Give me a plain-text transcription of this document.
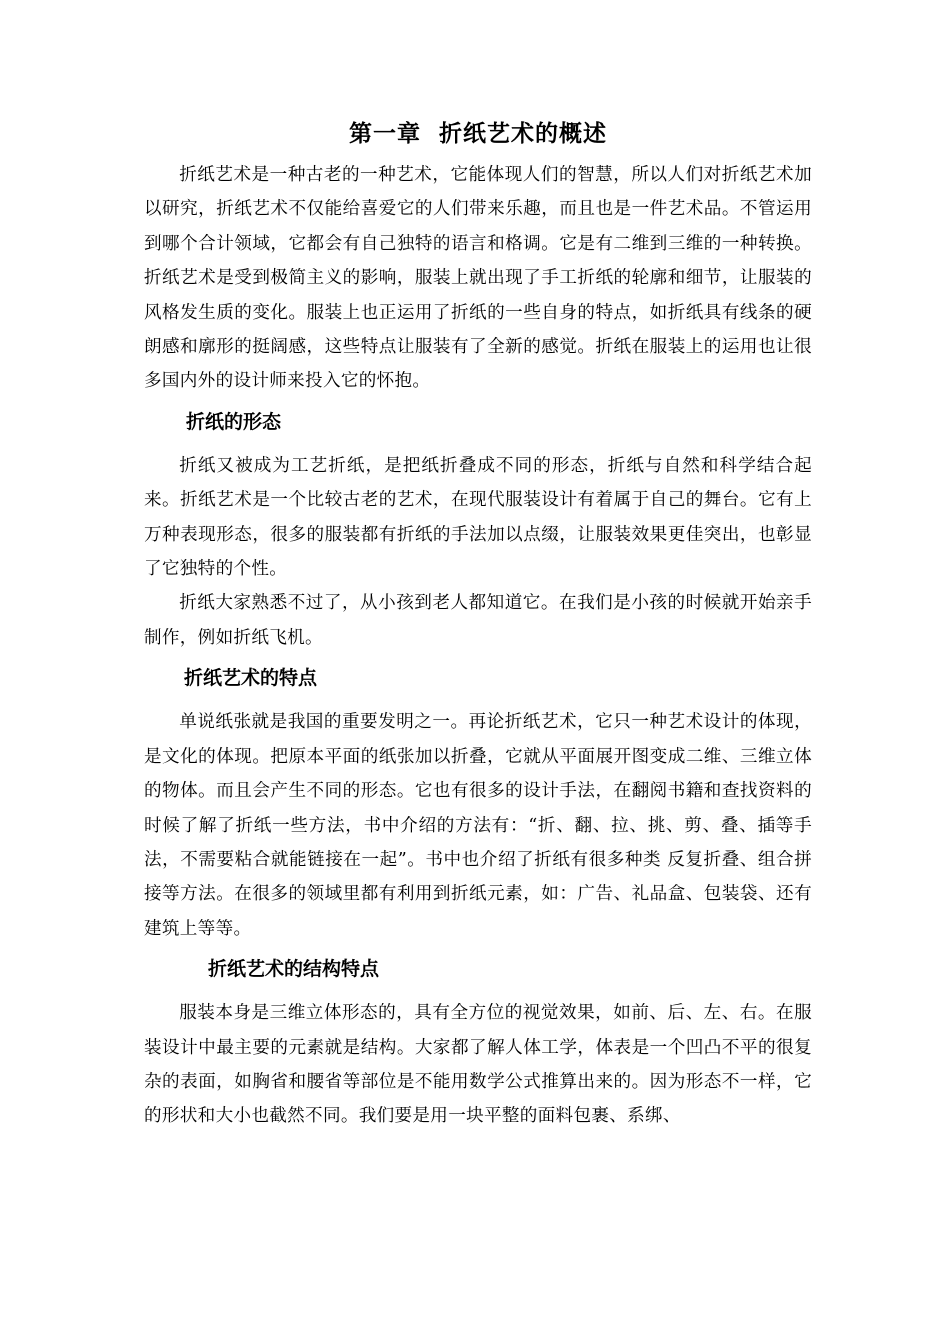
第一章  折纸艺术的概述

折纸艺术是一种古老的一种艺术，它能体现人们的智慧，所以人们对折纸艺术加以研究，折纸艺术不仅能给喜爱它的人们带来乐趣，而且也是一件艺术品。不管运用到哪个合计领域，它都会有自己独特的语言和格调。它是有二维到三维的一种转换。折纸艺术是受到极简主义的影响，服装上就出现了手工折纸的轮廓和细节，让服装的风格发生质的变化。服装上也正运用了折纸的一些自身的特点，如折纸具有线条的硬朗感和廓形的挺阔感，这些特点让服装有了全新的感觉。折纸在服装上的运用也让很多国内外的设计师来投入它的怀抱。

折纸的形态

折纸又被成为工艺折纸，是把纸折叠成不同的形态，折纸与自然和科学结合起来。折纸艺术是一个比较古老的艺术，在现代服装设计有着属于自己的舞台。它有上万种表现形态，很多的服装都有折纸的手法加以点缀，让服装效果更佳突出，也彰显了它独特的个性。

折纸大家熟悉不过了，从小孩到老人都知道它。在我们是小孩的时候就开始亲手制作，例如折纸飞机。

折纸艺术的特点

单说纸张就是我国的重要发明之一。再论折纸艺术，它只一种艺术设计的体现，是文化的体现。把原本平面的纸张加以折叠，它就从平面展开图变成二维、三维立体的物体。而且会产生不同的形态。它也有很多的设计手法，在翻阅书籍和查找资料的时候了解了折纸一些方法，书中介绍的方法有：“折、翻、拉、挑、剪、叠、插等手法，不需要粘合就能链接在一起”。书中也介绍了折纸有很多种类 反复折叠、组合拼接等方法。在很多的领域里都有利用到折纸元素，如：广告、礼品盒、包装袋、还有建筑上等等。

折纸艺术的结构特点

服装本身是三维立体形态的，具有全方位的视觉效果，如前、后、左、右。在服装设计中最主要的元素就是结构。大家都了解人体工学，体表是一个凹凸不平的很复杂的表面，如胸省和腰省等部位是不能用数学公式推算出来的。因为形态不一样，它的形状和大小也截然不同。我们要是用一块平整的面料包裹、系绑、
